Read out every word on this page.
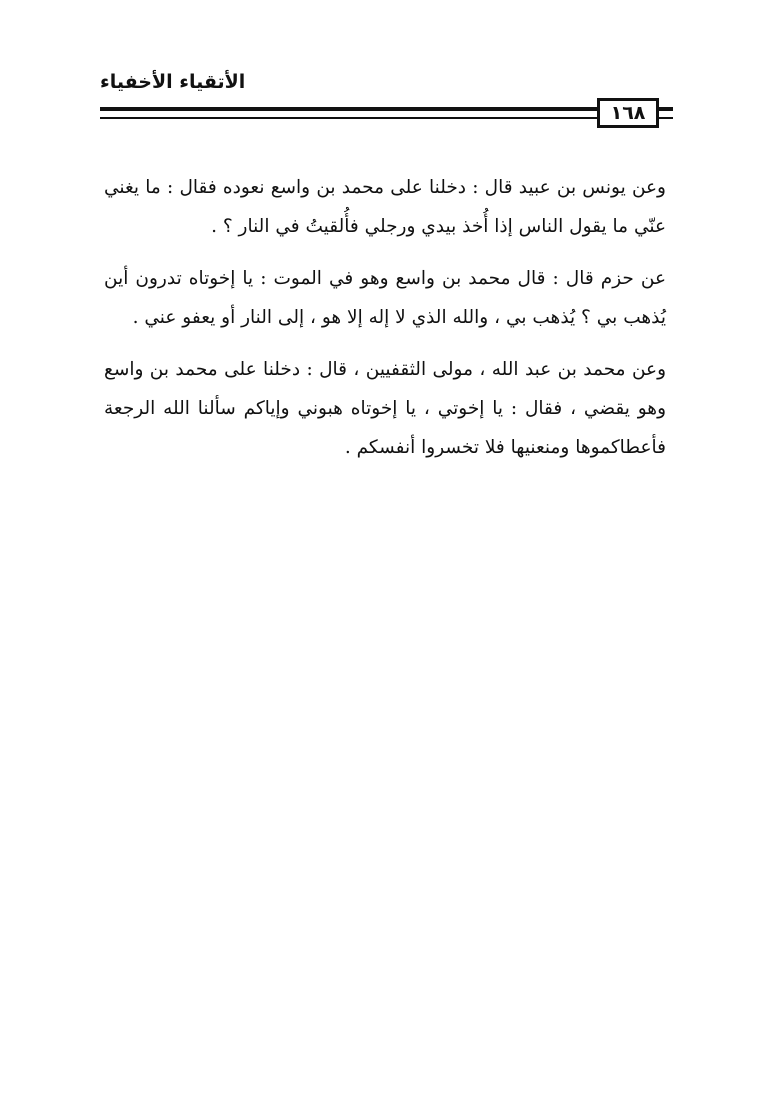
الأتقياء الأخفياء
١٦٨

وعن يونس بن عبيد قال : دخلنا على محمد بن واسع نعوده فقال : ما يغني عنّي ما يقول الناس إذا أُخذ بيدي ورجلي فأُلقيتُ في النار ؟ .

عن حزم قال : قال محمد بن واسع وهو في الموت : يا إخوتاه تدرون أين يُذهب بي ؟ يُذهب بي ، والله الذي لا إله إلا هو ، إلى النار أو يعفو عني .

وعن محمد بن عبد الله ، مولى الثقفيين ، قال : دخلنا على محمد بن واسع وهو يقضي ، فقال : يا إخوتي ، يا إخوتاه هبوني وإياكم سألنا الله الرجعة فأعطاكموها ومنعنيها فلا تخسروا أنفسكم .
